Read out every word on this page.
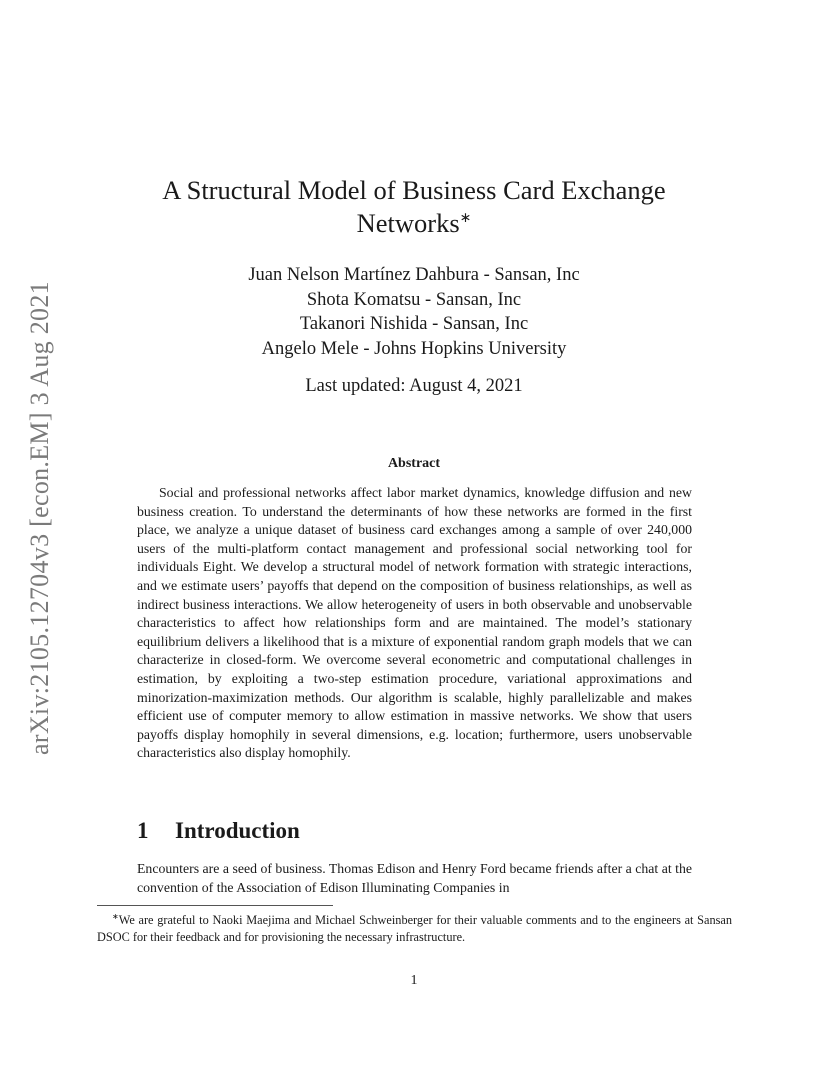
arXiv:2105.12704v3 [econ.EM] 3 Aug 2021
A Structural Model of Business Card Exchange Networks∗
Juan Nelson Martínez Dahbura - Sansan, Inc
Shota Komatsu - Sansan, Inc
Takanori Nishida - Sansan, Inc
Angelo Mele - Johns Hopkins University
Last updated: August 4, 2021
Abstract

Social and professional networks affect labor market dynamics, knowledge diffusion and new business creation. To understand the determinants of how these networks are formed in the first place, we analyze a unique dataset of business card exchanges among a sample of over 240,000 users of the multi-platform contact management and professional social networking tool for individuals Eight. We develop a structural model of network formation with strategic interactions, and we estimate users’ payoffs that depend on the composition of business relationships, as well as indirect business interactions. We allow heterogeneity of users in both observable and unobservable characteristics to affect how relationships form and are maintained. The model’s stationary equilibrium delivers a likelihood that is a mixture of exponential random graph models that we can characterize in closed-form. We overcome several econometric and computational challenges in estimation, by exploiting a two-step estimation procedure, variational approximations and minorization-maximization methods. Our algorithm is scalable, highly parallelizable and makes efficient use of computer memory to allow estimation in massive networks. We show that users payoffs display homophily in several dimensions, e.g. location; furthermore, users unobservable characteristics also display homophily.

1 Introduction

Encounters are a seed of business. Thomas Edison and Henry Ford became friends after a chat at the convention of the Association of Edison Illuminating Companies in

∗We are grateful to Naoki Maejima and Michael Schweinberger for their valuable comments and to the engineers at Sansan DSOC for their feedback and for provisioning the necessary infrastructure.

1
